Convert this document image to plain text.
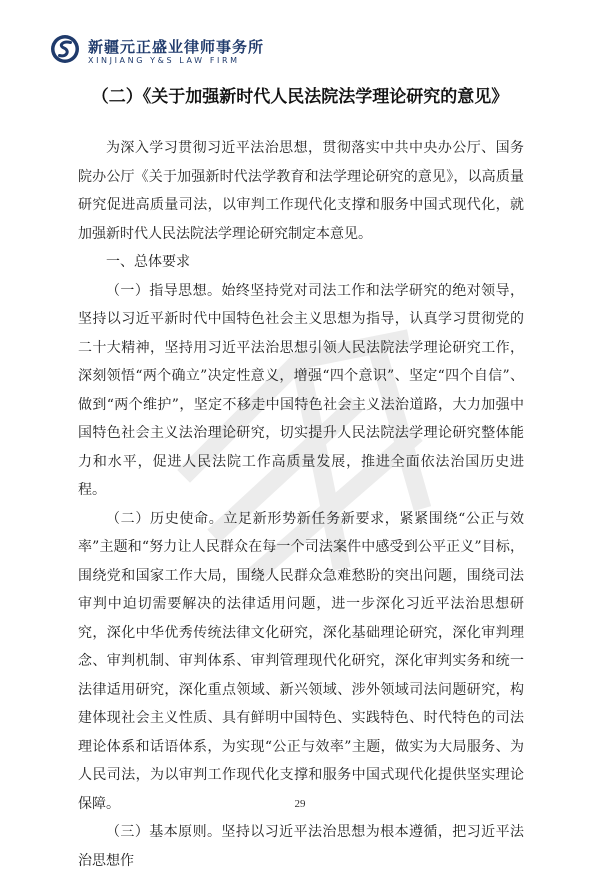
新疆元正盛业律师事务所
XINJIANG Y&S LAW FIRM
（二）《关于加强新时代人民法院法学理论研究的意见》

为深入学习贯彻习近平法治思想，贯彻落实中共中央办公厅、国务院办公厅《关于加强新时代法学教育和法学理论研究的意见》，以高质量研究促进高质量司法，以审判工作现代化支撑和服务中国式现代化，就加强新时代人民法院法学理论研究制定本意见。

一、总体要求

（一）指导思想。始终坚持党对司法工作和法学研究的绝对领导，坚持以习近平新时代中国特色社会主义思想为指导，认真学习贯彻党的二十大精神，坚持用习近平法治思想引领人民法院法学理论研究工作，深刻领悟“两个确立”决定性意义，增强“四个意识”、坚定“四个自信”、做到“两个维护”，坚定不移走中国特色社会主义法治道路，大力加强中国特色社会主义法治理论研究，切实提升人民法院法学理论研究整体能力和水平，促进人民法院工作高质量发展，推进全面依法治国历史进程。

（二）历史使命。立足新形势新任务新要求，紧紧围绕“公正与效率”主题和“努力让人民群众在每一个司法案件中感受到公平正义”目标，围绕党和国家工作大局，围绕人民群众急难愁盼的突出问题，围绕司法审判中迫切需要解决的法律适用问题，进一步深化习近平法治思想研究，深化中华优秀传统法律文化研究，深化基础理论研究，深化审判理念、审判机制、审判体系、审判管理现代化研究，深化审判实务和统一法律适用研究，深化重点领域、新兴领域、涉外领域司法问题研究，构建体现社会主义性质、具有鲜明中国特色、实践特色、时代特色的司法理论体系和话语体系，为实现“公正与效率”主题，做实为大局服务、为人民司法，为以审判工作现代化支撑和服务中国式现代化提供坚实理论保障。

（三）基本原则。坚持以习近平法治思想为根本遵循，把习近平法治思想作

29
